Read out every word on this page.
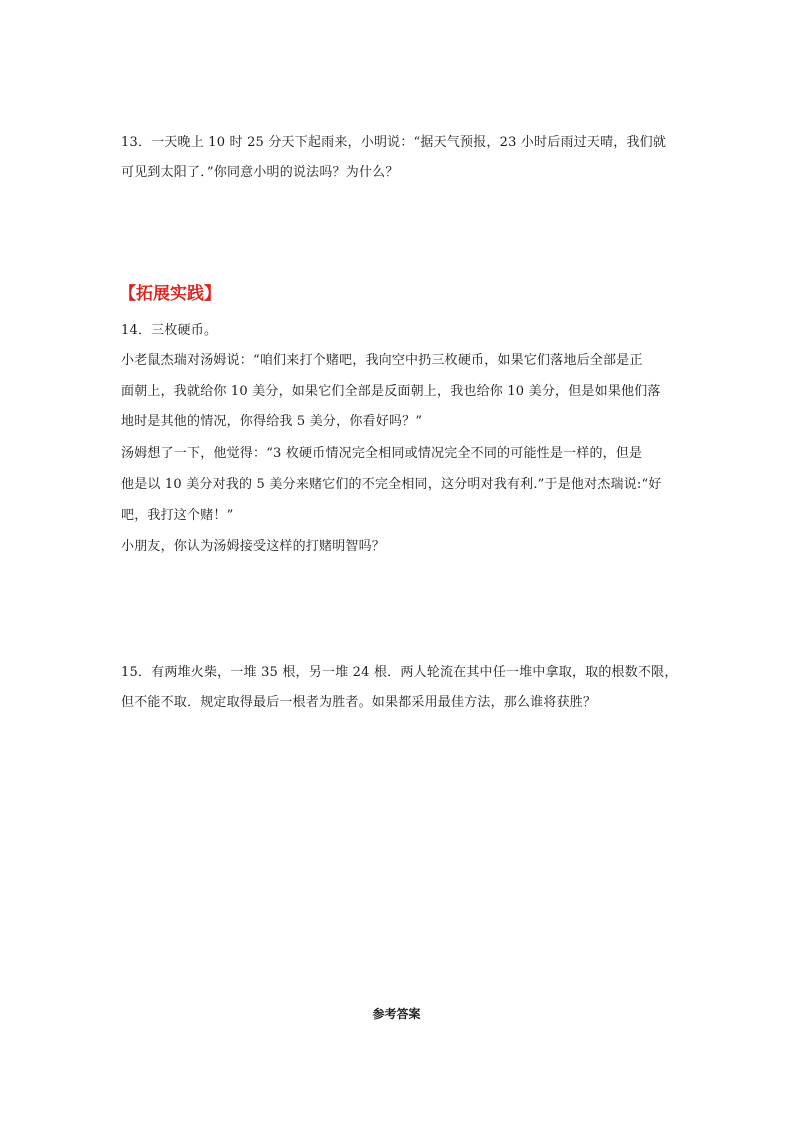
13．一天晚上 10 时 25 分天下起雨来，小明说：“据天气预报，23 小时后雨过天晴，我们就
可见到太阳了．”你同意小明的说法吗？为什么？
【拓展实践】
14．三枚硬币。
小老鼠杰瑞对汤姆说：“咱们来打个赌吧，我向空中扔三枚硬币，如果它们落地后全部是正
面朝上，我就给你 10 美分，如果它们全部是反面朝上，我也给你 10 美分，但是如果他们落
地时是其他的情况，你得给我 5 美分，你看好吗？”
汤姆想了一下，他觉得：“3 枚硬币情况完全相同或情况完全不同的可能性是一样的，但是
他是以 10 美分对我的 5 美分来赌它们的不完全相同，这分明对我有利.”于是他对杰瑞说:“好
吧，我打这个赌！”
小朋友，你认为汤姆接受这样的打赌明智吗？
15．有两堆火柴，一堆 35 根，另一堆 24 根．两人轮流在其中任一堆中拿取，取的根数不限，
但不能不取．规定取得最后一根者为胜者。如果都采用最佳方法，那么谁将获胜？
参考答案
